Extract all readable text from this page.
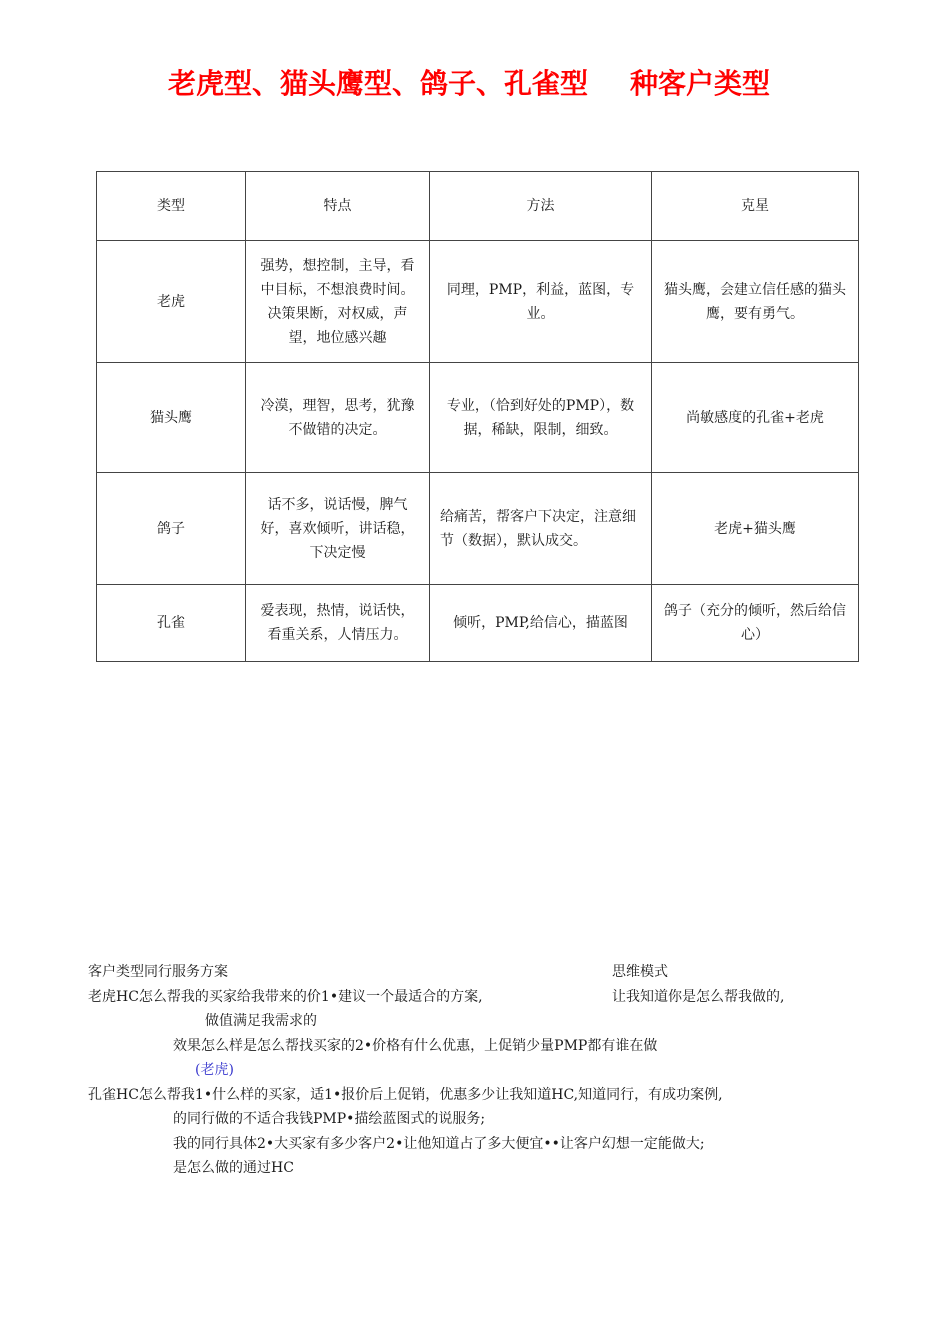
老虎型、猫头鹰型、鸽子、孔雀型	种客户类型
类型	特点	方法	克星
老虎	强势，想控制，主导，看中目标，不想浪费时间。决策果断，对权威，声望，地位感兴趣	同理，PMP，利益，蓝图，专业。	猫头鹰，会建立信任感的猫头鹰，要有勇气。
猫头鹰	冷漠，理智，思考，犹豫不做错的决定。	专业，（恰到好处的PMP），数据，稀缺，限制，细致。	尚敏感度的孔雀+老虎
鸽子	话不多，说话慢，脾气好，喜欢倾听，讲话稳，下决定慢	给痛苦，帮客户下决定，注意细节（数据），默认成交。	老虎+猫头鹰
孔雀	爱表现，热情，说话快，看重关系，人情压力。	倾听，PMP,给信心，描蓝图	鸽子（充分的倾听，然后给信心）
客户类型同行服务方案	思维模式
老虎HC怎么帮我的买家给我带来的价1•建议一个最适合的方案,	让我知道你是怎么帮我做的,
做值满足我需求的
效果怎么样是怎么帮找买家的2•价格有什么优惠，上促销少量PMP都有谁在做
(老虎)
孔雀HC怎么帮我1•什么样的买家，适1•报价后上促销，优惠多少让我知道HC,知道同行，有成功案例,
的同行做的不适合我钱PMP•描绘蓝图式的说服务;
我的同行具体2•大买家有多少客户2•让他知道占了多大便宜••让客户幻想一定能做大;
是怎么做的通过HC
